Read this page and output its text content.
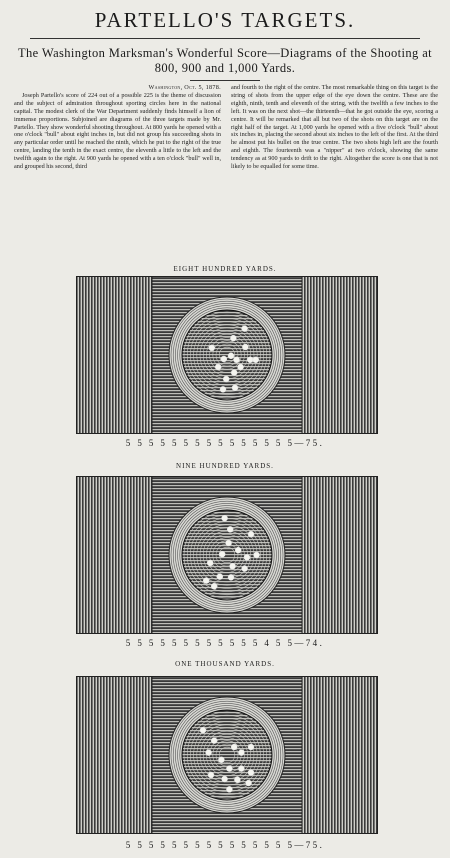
PARTELLO'S TARGETS.
The Washington Marksman's Wonderful Score—Diagrams of the Shooting at 800, 900 and 1,000 Yards.
Washington, Oct. 5, 1878.

Joseph Partello's score of 224 out of a possible 225 is the theme of discussion and the subject of admiration throughout sporting circles here in the national capital. The modest clerk of the War Department suddenly finds himself a lion of immense proportions. Subjoined are diagrams of the three targets made by Mr. Partello. They show wonderful shooting throughout. At 800 yards he opened with a one o'clock "bull" about eight inches in, but did not group his succeeding shots in any particular order until he reached the ninth, which he put to the right of the true centre, landing the tenth in the exact centre, the eleventh a little to the left and the twelfth again to the right. At 900 yards he opened with a ten o'clock "bull" well in, and grouped his second, third

and fourth to the right of the centre. The most remarkable thing on this target is the string of shots from the upper edge of the eye down the centre. These are the eighth, ninth, tenth and eleventh of the string, with the twelfth a few inches to the left. It was on the next shot—the thirteenth—that he got outside the eye, scoring a centre. It will be remarked that all but two of the shots on this target are on the right half of the target. At 1,000 yards he opened with a five o'clock "bull" about six inches in, placing the second about six inches to the left of the first. At the third he almost put his bullet on the true centre. The two shots high left are the fourth and eighth. The fourteenth was a "nipper" at two o'clock, showing the same tendency as at 900 yards to drift to the right. Altogether the score is one that is not likely to be equalled for some time.

EIGHT HUNDRED YARDS.
5 5 5 5 5 5 5 5 5 5 5 5 5 5 5—75.
NINE HUNDRED YARDS.
5 5 5 5 5 5 5 5 5 5 5 5 4 5 5—74.
ONE THOUSAND YARDS.
5 5 5 5 5 5 5 5 5 5 5 5 5 5 5—75.
